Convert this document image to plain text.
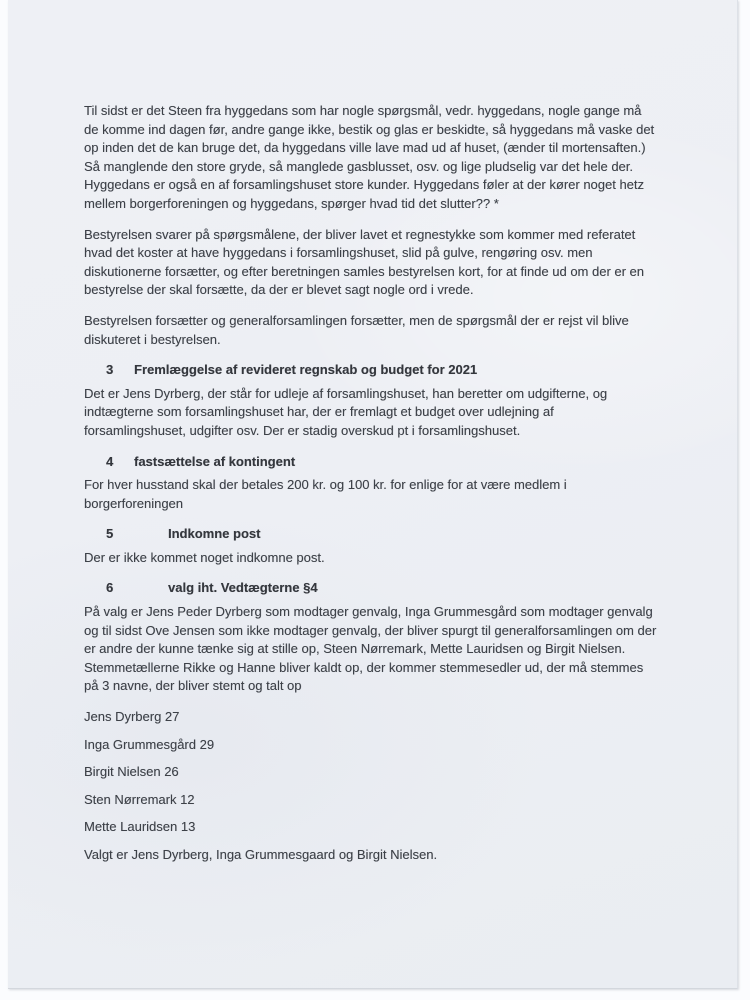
Til sidst er det Steen fra hyggedans som har nogle spørgsmål, vedr. hyggedans, nogle gange må de komme ind dagen før, andre gange ikke, bestik og glas er beskidte, så hyggedans må vaske det op inden det de kan bruge det, da hyggedans ville lave mad ud af huset, (ænder til mortensaften.) Så manglende den store gryde, så manglede gasblusset, osv. og lige pludselig var det hele der. Hyggedans er også en af forsamlingshuset store kunder. Hyggedans føler at der kører noget hetz mellem borgerforeningen og hyggedans, spørger hvad tid det slutter?? *

Bestyrelsen svarer på spørgsmålene, der bliver lavet et regnestykke som kommer med referatet hvad det koster at have hyggedans i forsamlingshuset, slid på gulve, rengøring osv. men diskutionerne forsætter, og efter beretningen samles bestyrelsen kort, for at finde ud om der er en bestyrelse der skal forsætte, da der er blevet sagt nogle ord i vrede.

Bestyrelsen forsætter og generalforsamlingen forsætter, men de spørgsmål der er rejst vil blive diskuteret i bestyrelsen.

3	Fremlæggelse af revideret regnskab og budget for 2021

Det er Jens Dyrberg, der står for udleje af forsamlingshuset, han beretter om udgifterne, og indtægterne som forsamlingshuset har, der er fremlagt et budget over udlejning af forsamlingshuset, udgifter osv. Der er stadig overskud pt i forsamlingshuset.

4	fastsættelse af kontingent

For hver husstand skal der betales 200 kr. og 100 kr. for enlige for at være medlem i borgerforeningen

5	Indkomne post

Der er ikke kommet noget indkomne post.

6	valg iht. Vedtægterne §4

På valg er Jens Peder Dyrberg som modtager genvalg, Inga Grummesgård som modtager genvalg og til sidst Ove Jensen som ikke modtager genvalg, der bliver spurgt til generalforsamlingen om der er andre der kunne tænke sig at stille op, Steen Nørremark, Mette Lauridsen og Birgit Nielsen. Stemmetællerne Rikke og Hanne bliver kaldt op, der kommer stemmesedler ud, der må stemmes på 3 navne, der bliver stemt og talt op

Jens Dyrberg 27

Inga Grummesgård 29

Birgit Nielsen 26

Sten Nørremark 12

Mette Lauridsen 13

Valgt er Jens Dyrberg, Inga Grummesgaard og Birgit Nielsen.
